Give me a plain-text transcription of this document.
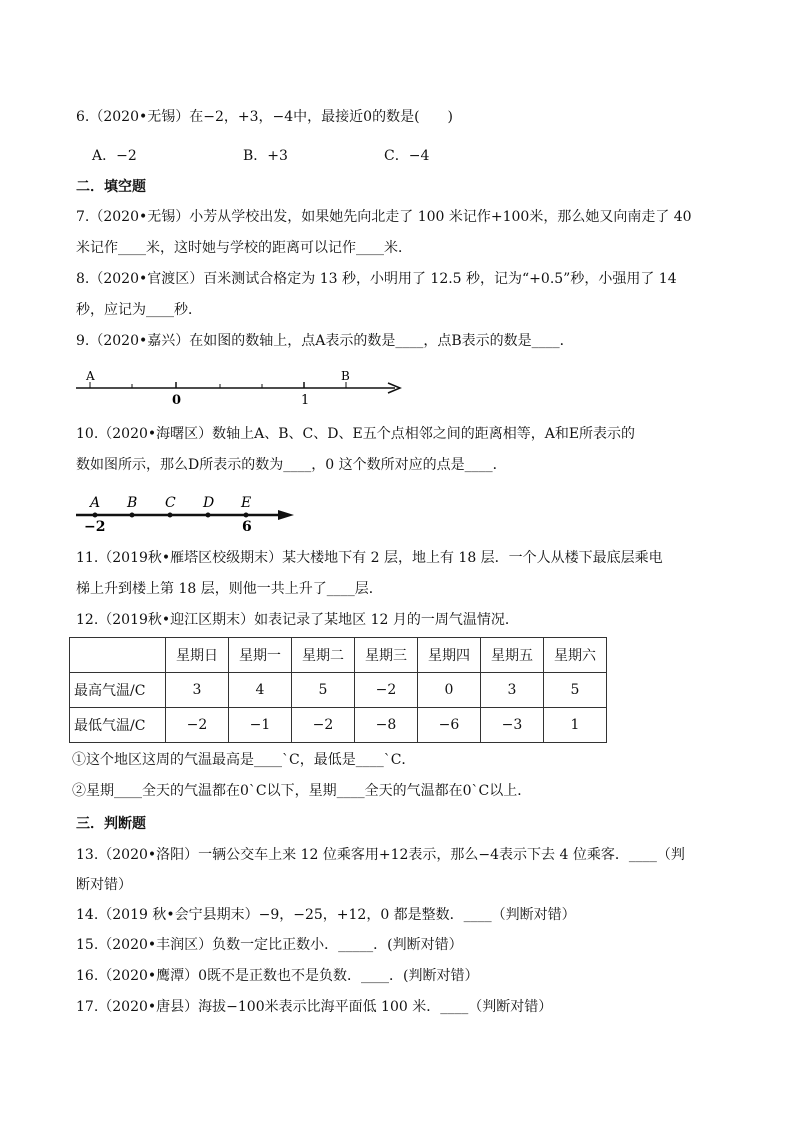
6.（2020•无锡）在−2，+3，−4中，最接近0的数是(　　)
A．−2	B．+3	C．−4
二．填空题
7.（2020•无锡）小芳从学校出发，如果她先向北走了 100 米记作+100米，那么她又向南走了 40
米记作____米，这时她与学校的距离可以记作____米．
8.（2020•官渡区）百米测试合格定为 13 秒，小明用了 12.5 秒，记为“+0.5”秒，小强用了 14
秒，应记为____秒．
9.（2020•嘉兴）在如图的数轴上，点A表示的数是____，点B表示的数是____．
A	B
0	1
10.（2020•海曙区）数轴上A、B、C、D、E五个点相邻之间的距离相等，A和E所表示的
数如图所示，那么D所表示的数为____，0 这个数所对应的点是____．
A B C D E
−2	6
11.（2019秋•雁塔区校级期末）某大楼地下有 2 层，地上有 18 层．一个人从楼下最底层乘电
梯上升到楼上第 18 层，则他一共上升了____层．
12.（2019秋•迎江区期末）如表记录了某地区 12 月的一周气温情况．
	星期日	星期一	星期二	星期三	星期四	星期五	星期六
最高气温/C	3	4	5	−2	0	3	5
最低气温/C	−2	−1	−2	−8	−6	−3	1
①这个地区这周的气温最高是____`C，最低是____`C．
②星期____全天的气温都在0`C以下，星期____全天的气温都在0`C以上．
三．判断题
13.（2020•洛阳）一辆公交车上来 12 位乘客用+12表示，那么−4表示下去 4 位乘客．____（判
断对错）
14.（2019 秋•会宁县期末）−9，−25，+12，0 都是整数．____（判断对错）
15.（2020•丰润区）负数一定比正数小．_____．(判断对错）
16.（2020•鹰潭）0既不是正数也不是负数．____．(判断对错）
17.（2020•唐县）海拔−100米表示比海平面低 100 米．____（判断对错）
